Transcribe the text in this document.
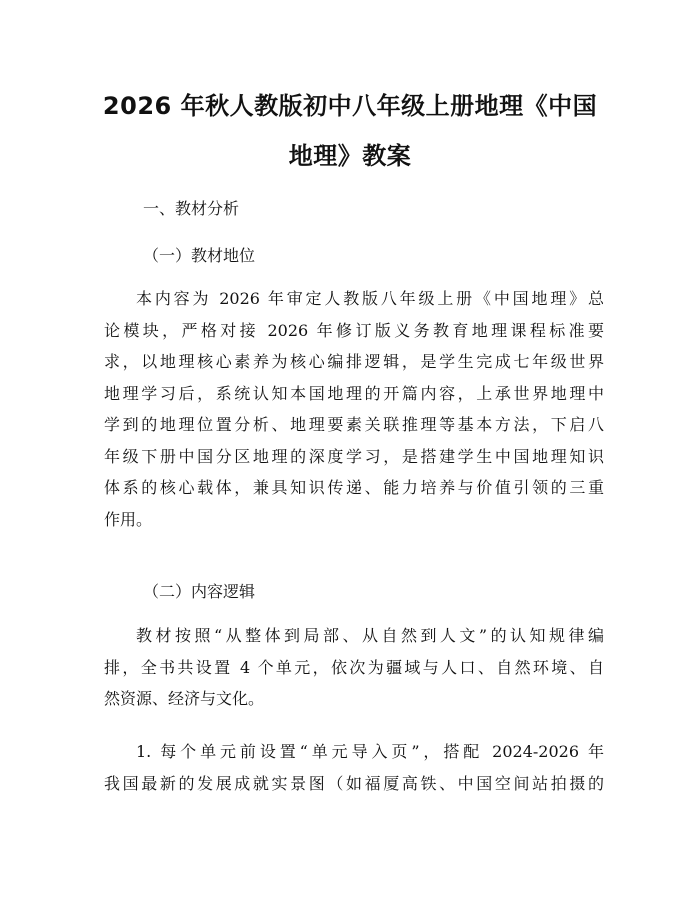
2026 年秋人教版初中八年级上册地理《中国
地理》教案
一、教材分析
（一）教材地位
本内容为 2026 年审定人教版八年级上册《中国地理》总
论模块，严格对接 2026 年修订版义务教育地理课程标准要
求，以地理核心素养为核心编排逻辑，是学生完成七年级世界
地理学习后，系统认知本国地理的开篇内容，上承世界地理中
学到的地理位置分析、地理要素关联推理等基本方法，下启八
年级下册中国分区地理的深度学习，是搭建学生中国地理知识
体系的核心载体，兼具知识传递、能力培养与价值引领的三重
作用。
（二）内容逻辑
教材按照“从整体到局部、从自然到人文”的认知规律编
排，全书共设置 4 个单元，依次为疆域与人口、自然环境、自
然资源、经济与文化。
1. 每个单元前设置“单元导入页”，搭配 2024-2026 年
我国最新的发展成就实景图（如福厦高铁、中国空间站拍摄的
